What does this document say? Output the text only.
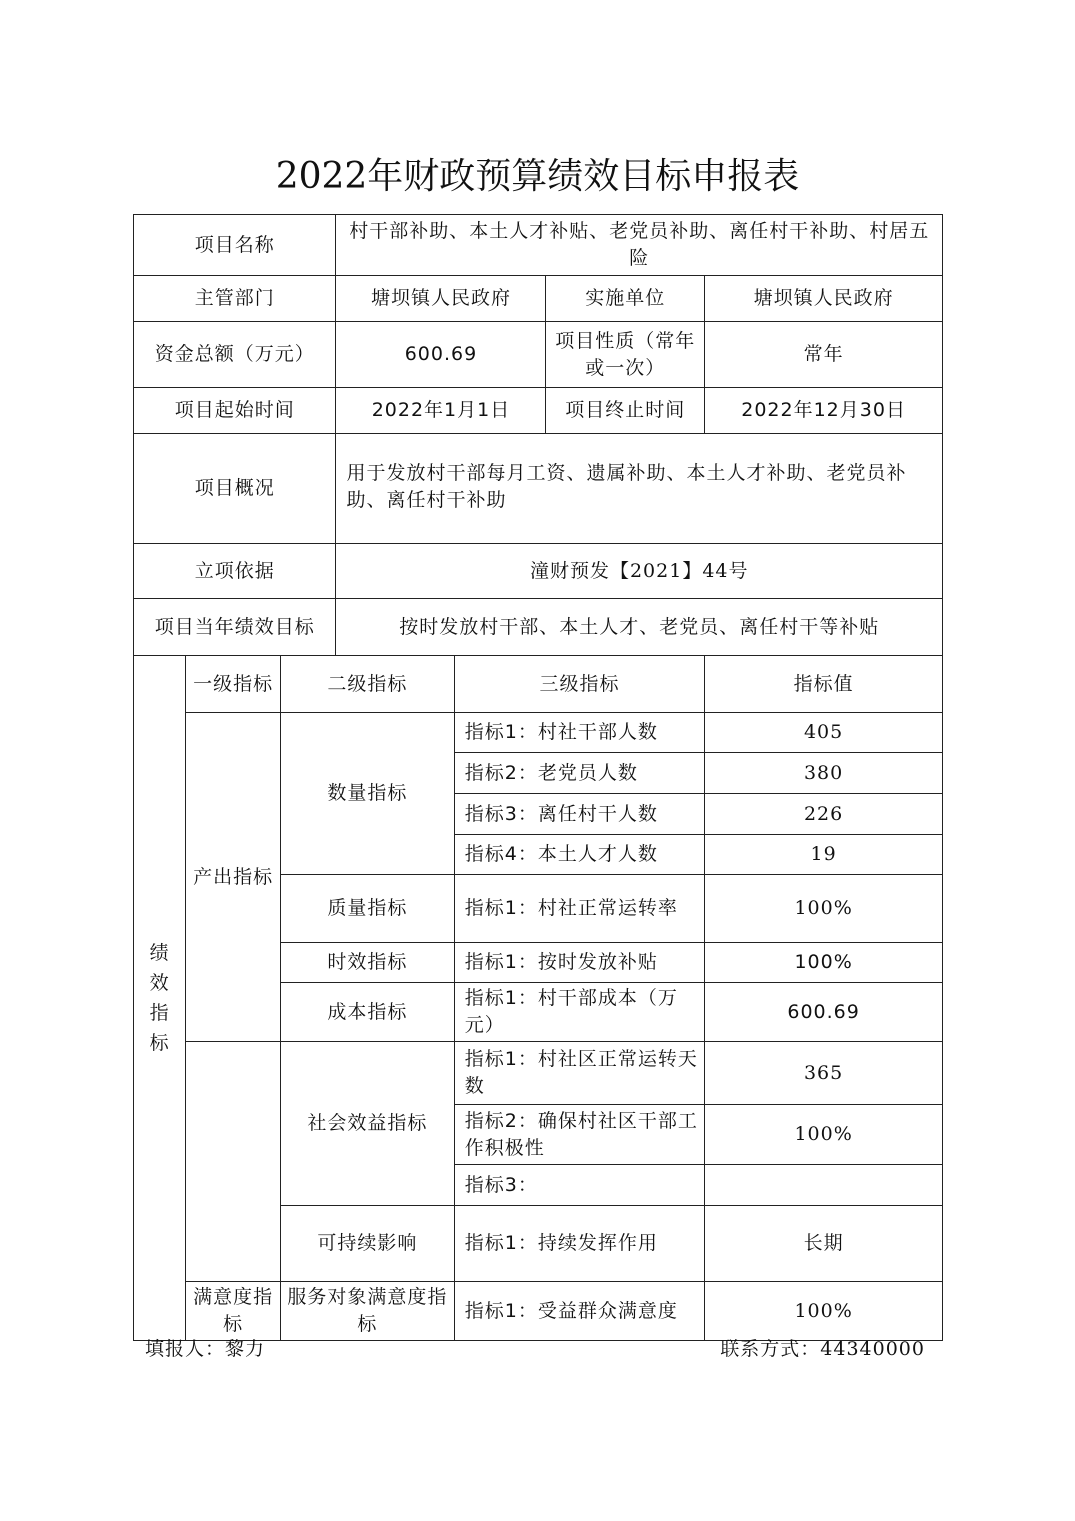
2022年财政预算绩效目标申报表
项目名称			村干部补助、本土人才补贴、老党员补助、离任村干补助、村居五险			
主管部门			塘坝镇人民政府		实施单位	塘坝镇人民政府
资金总额（万元）			600.69		项目性质（常年或一次）	常年
项目起始时间			2022年1月1日		项目终止时间	2022年12月30日
项目概况			用于发放村干部每月工资、遗属补助、本土人才补助、老党员补助、离任村干补助			
立项依据			潼财预发【2021】44号			
项目当年绩效目标			按时发放村干部、本土人才、老党员、离任村干等补贴			
绩
效
指
标	一级指标	二级指标		三级指标		指标值
	产出指标	数量指标		指标1：村社干部人数		405
				指标2：老党员人数		380
				指标3：离任村干人数		226
				指标4：本土人才人数		19
		质量指标		指标1：村社正常运转率		100%
		时效指标		指标1：按时发放补贴		100%
		成本指标		指标1：村干部成本（万元）		600.69
		社会效益指标		指标1：村社区正常运转天数		365
				指标2：确保村社区干部工作积极性		100%
				指标3：		
		可持续影响		指标1：持续发挥作用		长期
	满意度指标	服务对象满意度指标		指标1：受益群众满意度		100%
填报人：黎力	联系方式：44340000
